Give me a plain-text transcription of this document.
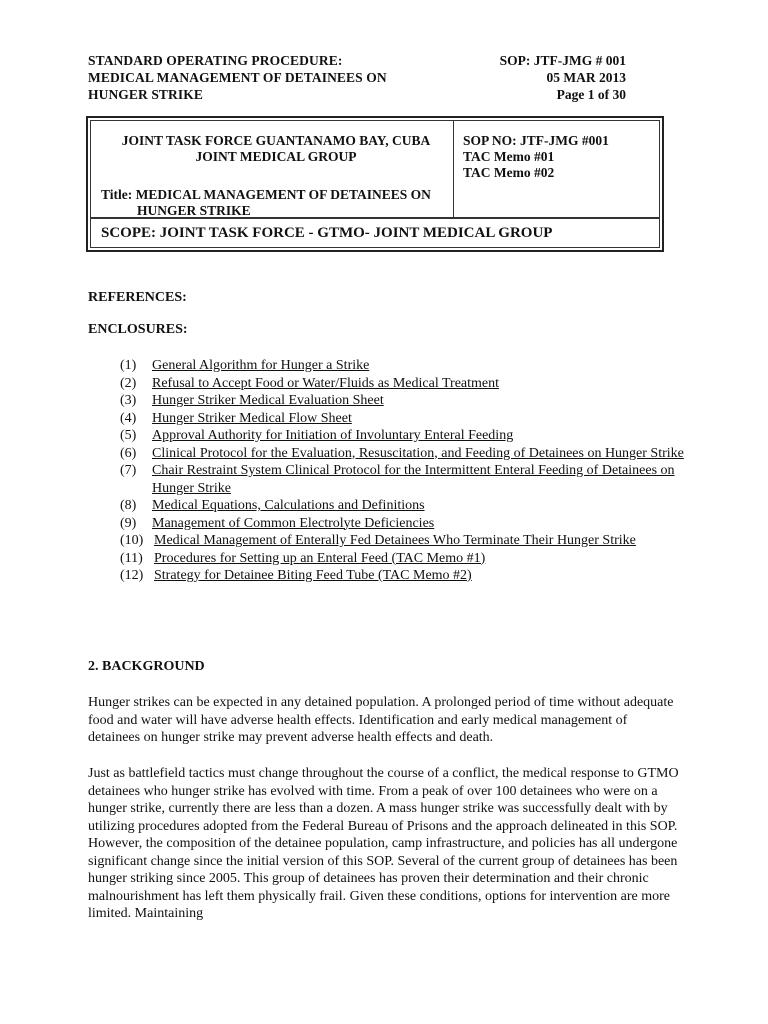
STANDARD OPERATING PROCEDURE:
MEDICAL MANAGEMENT OF DETAINEES ON
HUNGER STRIKE
SOP: JTF-JMG # 001
05 MAR 2013
Page 1 of 30
JOINT TASK FORCE GUANTANAMO BAY, CUBA
JOINT MEDICAL GROUP
Title: MEDICAL MANAGEMENT OF DETAINEES ON
HUNGER STRIKE
SOP NO: JTF-JMG #001
TAC Memo #01
TAC Memo #02
SCOPE: JOINT TASK FORCE - GTMO- JOINT MEDICAL GROUP
REFERENCES:
ENCLOSURES:
(1)	General Algorithm for Hunger a Strike
(2)	Refusal to Accept Food or Water/Fluids as Medical Treatment
(3)	Hunger Striker Medical Evaluation Sheet
(4)	Hunger Striker Medical Flow Sheet
(5)	Approval Authority for Initiation of Involuntary Enteral Feeding
(6)	Clinical Protocol for the Evaluation, Resuscitation, and Feeding of Detainees on Hunger Strike
(7)	Chair Restraint System Clinical Protocol for the Intermittent Enteral Feeding of Detainees on Hunger Strike
(8)	Medical Equations, Calculations and Definitions
(9)	Management of Common Electrolyte Deficiencies
(10) Medical Management of Enterally Fed Detainees Who Terminate Their Hunger Strike
(11) Procedures for Setting up an Enteral Feed (TAC Memo #1)
(12) Strategy for Detainee Biting Feed Tube (TAC Memo #2)
2. BACKGROUND
Hunger strikes can be expected in any detained population. A prolonged period of time without adequate food and water will have adverse health effects. Identification and early medical management of detainees on hunger strike may prevent adverse health effects and death.
Just as battlefield tactics must change throughout the course of a conflict, the medical response to GTMO detainees who hunger strike has evolved with time. From a peak of over 100 detainees who were on a hunger strike, currently there are less than a dozen. A mass hunger strike was successfully dealt with by utilizing procedures adopted from the Federal Bureau of Prisons and the approach delineated in this SOP. However, the composition of the detainee population, camp infrastructure, and policies has all undergone significant change since the initial version of this SOP. Several of the current group of detainees has been hunger striking since 2005. This group of detainees has proven their determination and their chronic malnourishment has left them physically frail. Given these conditions, options for intervention are more limited. Maintaining
